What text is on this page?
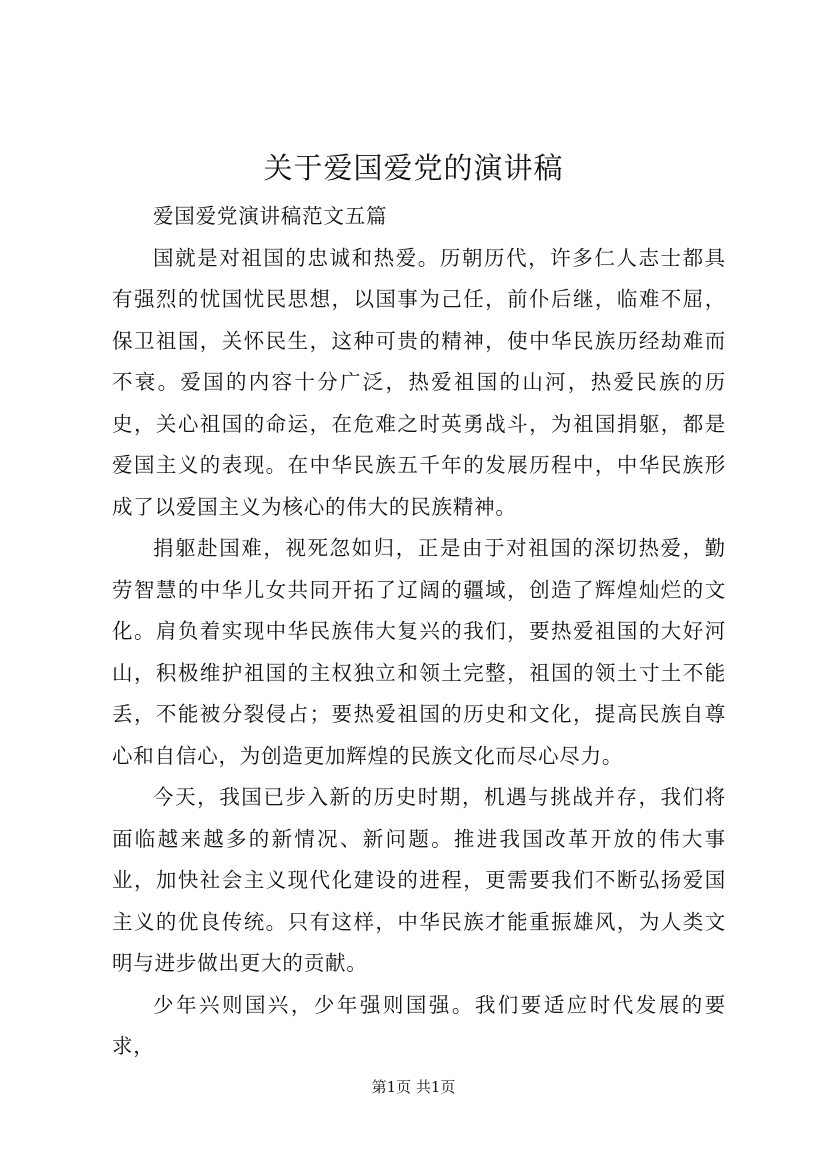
关于爱国爱党的演讲稿

爱国爱党演讲稿范文五篇

国就是对祖国的忠诚和热爱。历朝历代，许多仁人志士都具有强烈的忧国忧民思想，以国事为己任，前仆后继，临难不屈，保卫祖国，关怀民生，这种可贵的精神，使中华民族历经劫难而不衰。爱国的内容十分广泛，热爱祖国的山河，热爱民族的历史，关心祖国的命运，在危难之时英勇战斗，为祖国捐躯，都是爱国主义的表现。在中华民族五千年的发展历程中，中华民族形成了以爱国主义为核心的伟大的民族精神。

捐躯赴国难，视死忽如归，正是由于对祖国的深切热爱，勤劳智慧的中华儿女共同开拓了辽阔的疆域，创造了辉煌灿烂的文化。肩负着实现中华民族伟大复兴的我们，要热爱祖国的大好河山，积极维护祖国的主权独立和领土完整，祖国的领土寸土不能丢，不能被分裂侵占；要热爱祖国的历史和文化，提高民族自尊心和自信心，为创造更加辉煌的民族文化而尽心尽力。

今天，我国已步入新的历史时期，机遇与挑战并存，我们将面临越来越多的新情况、新问题。推进我国改革开放的伟大事业，加快社会主义现代化建设的进程，更需要我们不断弘扬爱国主义的优良传统。只有这样，中华民族才能重振雄风，为人类文明与进步做出更大的贡献。

少年兴则国兴，少年强则国强。我们要适应时代发展的要求，

第1页 共1页
